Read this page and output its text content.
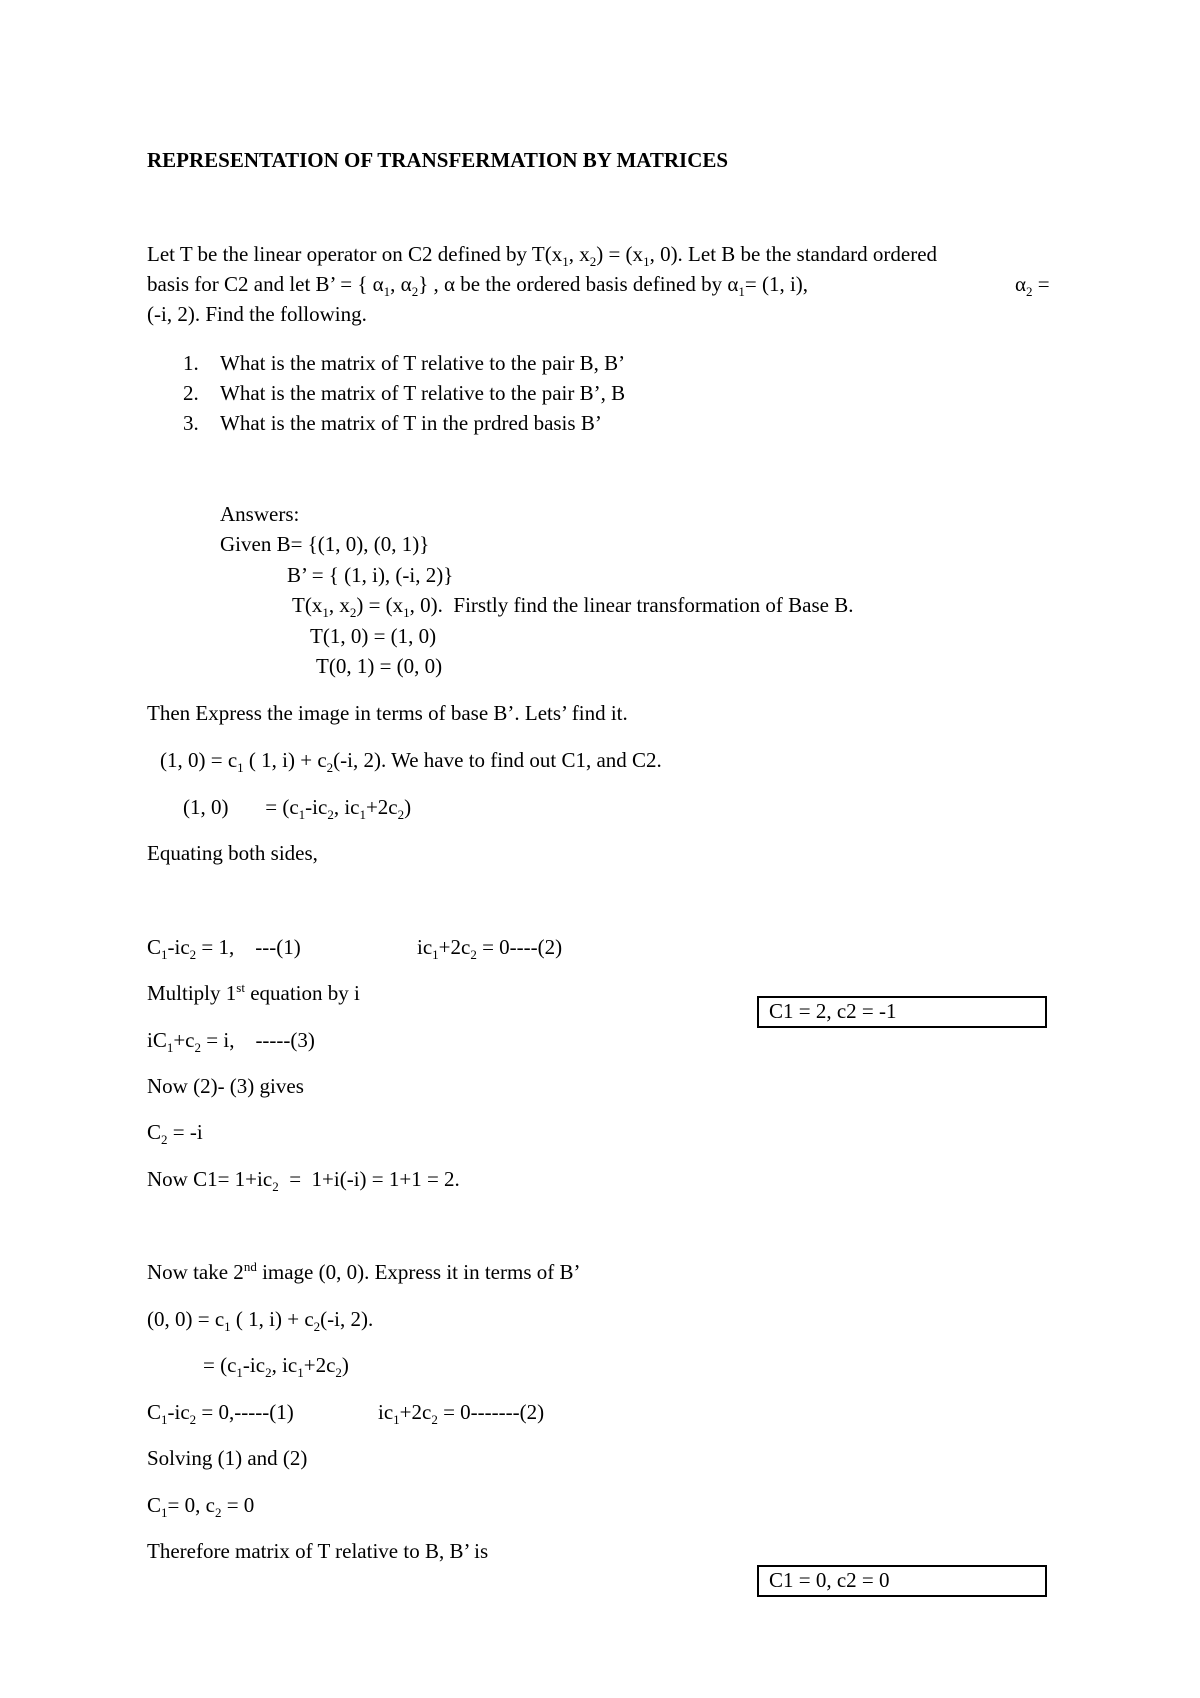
REPRESENTATION OF TRANSFERMATION BY MATRICES
Let T be the linear operator on C2 defined by $T(x_1$, $x_2) = (x_1$, 0). Let B be the standard ordered
basis for C2 and let B’ = { $\alpha_1$, $\alpha_2$} , α be the ordered basis defined by $\alpha_1= (1$, i),	$\alpha_2$ =
(-i, 2). Find the following.
1. What is the matrix of T relative to the pair B, B’
2. What is the matrix of T relative to the pair B’, B
3. What is the matrix of T in the prdred basis B’
Answers:
Given B= {(1, 0), (0, 1)}
B’ = { (1, i), (-i, 2)}
$T(x_1$, $x_2) = (x_1$, 0).  Firstly find the linear transformation of Base B.
T(1, 0) = (1, 0)
T(0, 1) = (0, 0)
Then Express the image in terms of base B’. Lets’ find it.
(1, $0) = c_1$ ( 1, $i) + c_2(-i$, 2). We have to find out C1, and C2.
(1, 0)       = ($c_1-ic_2$, $ic_1+2c_2$)
Equating both sides,
$C_1-ic_2 = 1$,    ---(1)	$ic_1+2c_2 = 0----(2)$
Multiply 1st equation by i
C1 = 2, c2 = -1
$iC_1+c_2 = i$,    -----(3)
Now (2)- (3) gives
$C_2 = -i$
Now $C1= 1+ic_2 = 1+i(-i) = 1+1 = 2$.
Now take 2nd image (0, 0). Express it in terms of B’
(0, $0) = c_1$ ( 1, $i) + c_2(-i$, 2).
= ($c_1-ic_2$, $ic_1+2c_2$)
$C_1-ic_2 = 0,-----(1)$	$ic_1+2c_2 = 0-------(2)$
Solving (1) and (2)
$C_1= 0$, $c_2 = 0$
Therefore matrix of T relative to B, B’ is
C1 = 0, c2 = 0
